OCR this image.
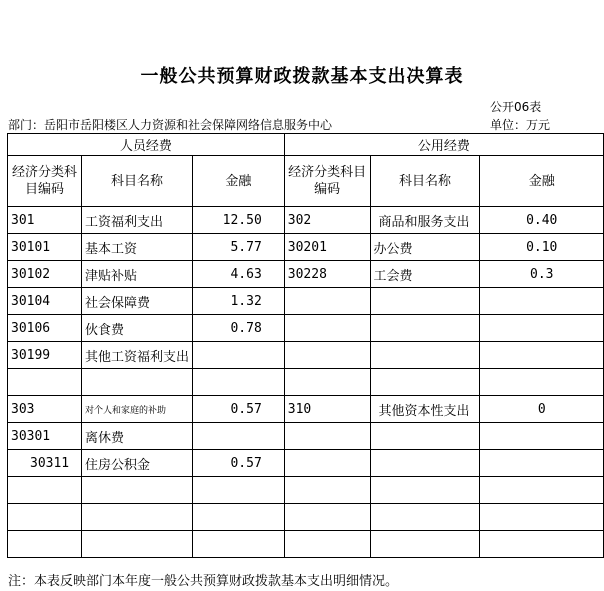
一般公共预算财政拨款基本支出决算表
公开06表
部门：岳阳市岳阳楼区人力资源和社会保障网络信息服务中心	单位：万元
人员经费			公用经费		
经济分类科目编码	科目名称	金融	经济分类科目编码	科目名称	金融
301	工资福利支出	12.50	302	商品和服务支出	0.40
30101	基本工资	5.77	30201	办公费	0.10
30102	津贴补贴	4.63	30228	工会费	0.3
30104	社会保障费	1.32			
30106	伙食费	0.78			
30199	其他工资福利支出				

303	对个人和家庭的补助	0.57	310	其他资本性支出	0
30301	离休费				
30311	住房公积金	0.57			

注：本表反映部门本年度一般公共预算财政拨款基本支出明细情况。
